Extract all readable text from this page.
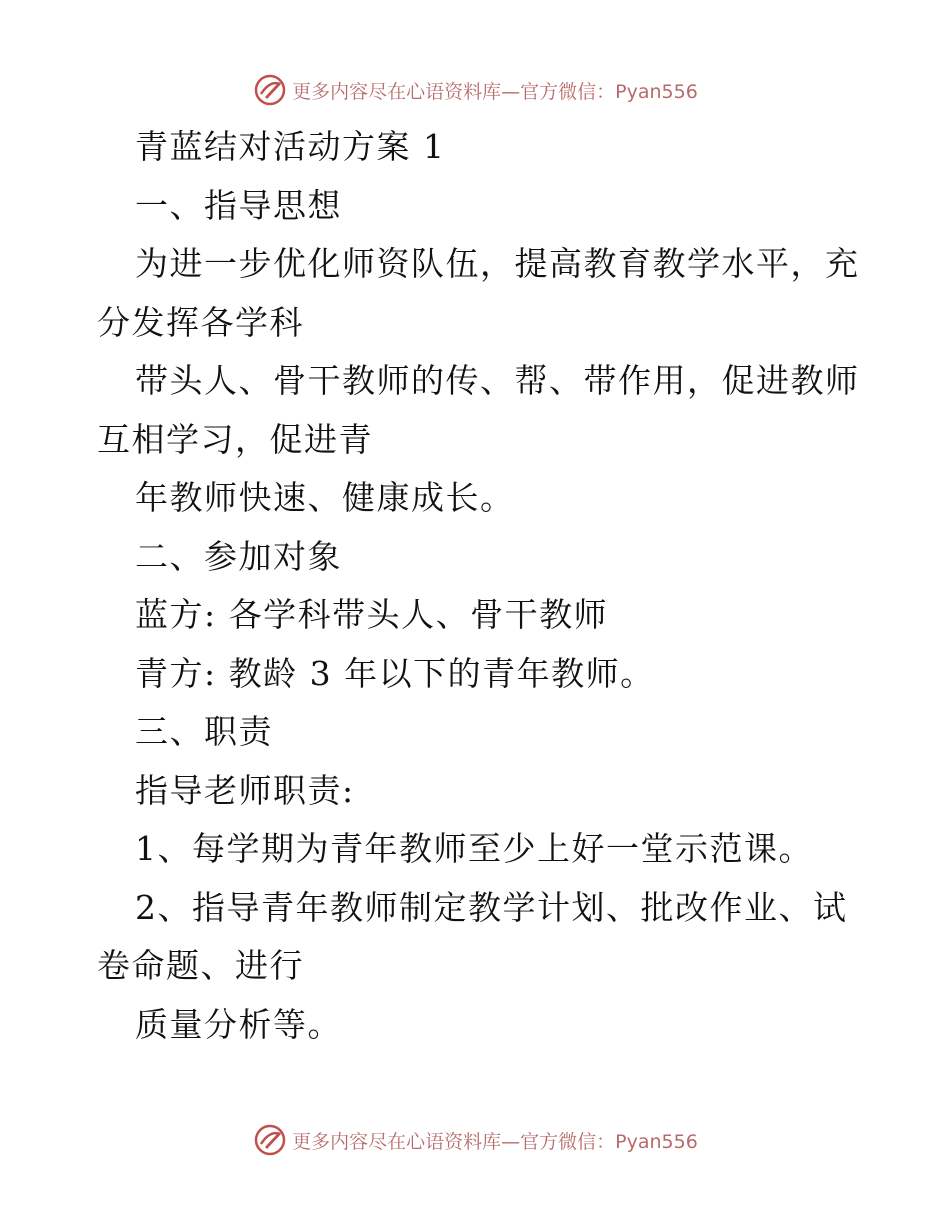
更多内容尽在心语资料库—官方微信：Pyan556

青蓝结对活动方案 1

一、指导思想

为进一步优化师资队伍，提高教育教学水平，充

分发挥各学科

带头人、骨干教师的传、帮、带作用，促进教师

互相学习，促进青

年教师快速、健康成长。

二、参加对象

蓝方: 各学科带头人、骨干教师

青方: 教龄 3 年以下的青年教师。

三、职责

指导老师职责:

1、每学期为青年教师至少上好一堂示范课。

2、指导青年教师制定教学计划、批改作业、试

卷命题、进行

质量分析等。

更多内容尽在心语资料库—官方微信：Pyan556
